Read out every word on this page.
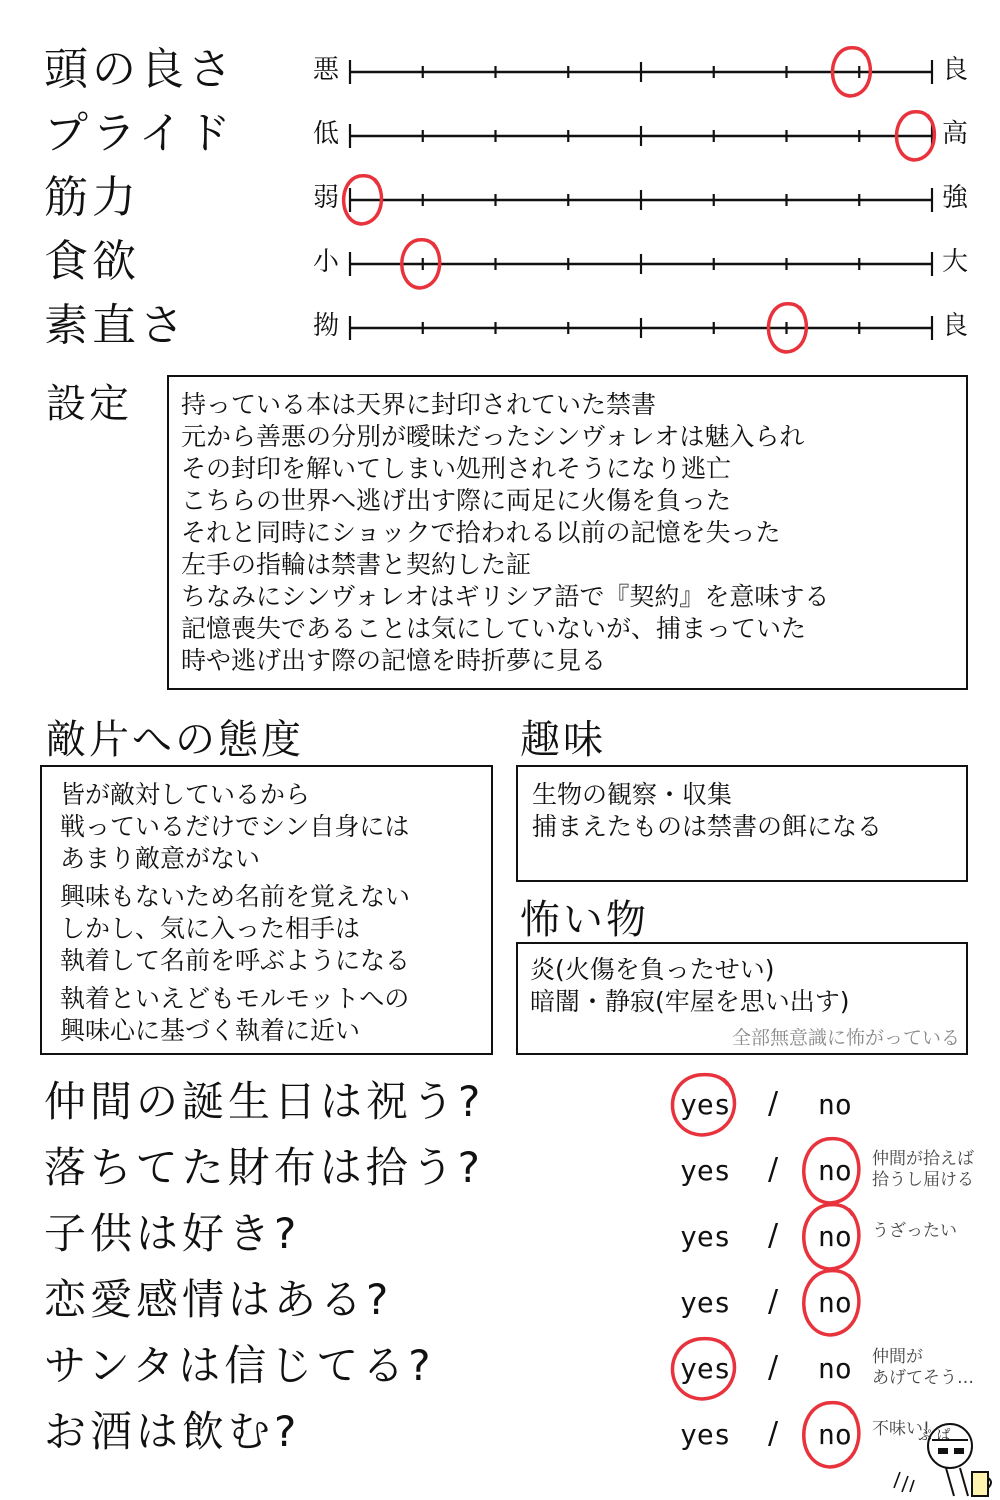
頭の良さ	悪	良
プライド	低	高
筋力	弱	強
食欲	小	大
素直さ	拗	良
設定 持っている本は天界に封印されていた禁書
元から善悪の分別が曖昧だったシンヴォレオは魅入られ
その封印を解いてしまい処刑されそうになり逃亡
こちらの世界へ逃げ出す際に両足に火傷を負った
それと同時にショックで拾われる以前の記憶を失った
左手の指輪は禁書と契約した証
ちなみにシンヴォレオはギリシア語で『契約』を意味する
記憶喪失であることは気にしていないが、捕まっていた
時や逃げ出す際の記憶を時折夢に見る
敵片への態度
皆が敵対しているから
戦っているだけでシン自身には
あまり敵意がない
興味もないため名前を覚えない
しかし、気に入った相手は
執着して名前を呼ぶようになる
執着といえどもモルモットへの
興味心に基づく執着に近い
趣味
生物の観察・収集
捕まえたものは禁書の餌になる
怖い物
炎(火傷を負ったせい)
暗闇・静寂(牢屋を思い出す)
全部無意識に怖がっている
仲間の誕生日は祝う?	yes / no
落ちてた財布は拾う?	yes / no 仲間が拾えば
拾うし届ける
子供は好き?	yes / no うざったい
恋愛感情はある?	yes / no
サンタは信じてる?	yes / no 仲間が
あげてそう…
お酒は飲む?	yes / no 不味い!
ぷ ぱ
